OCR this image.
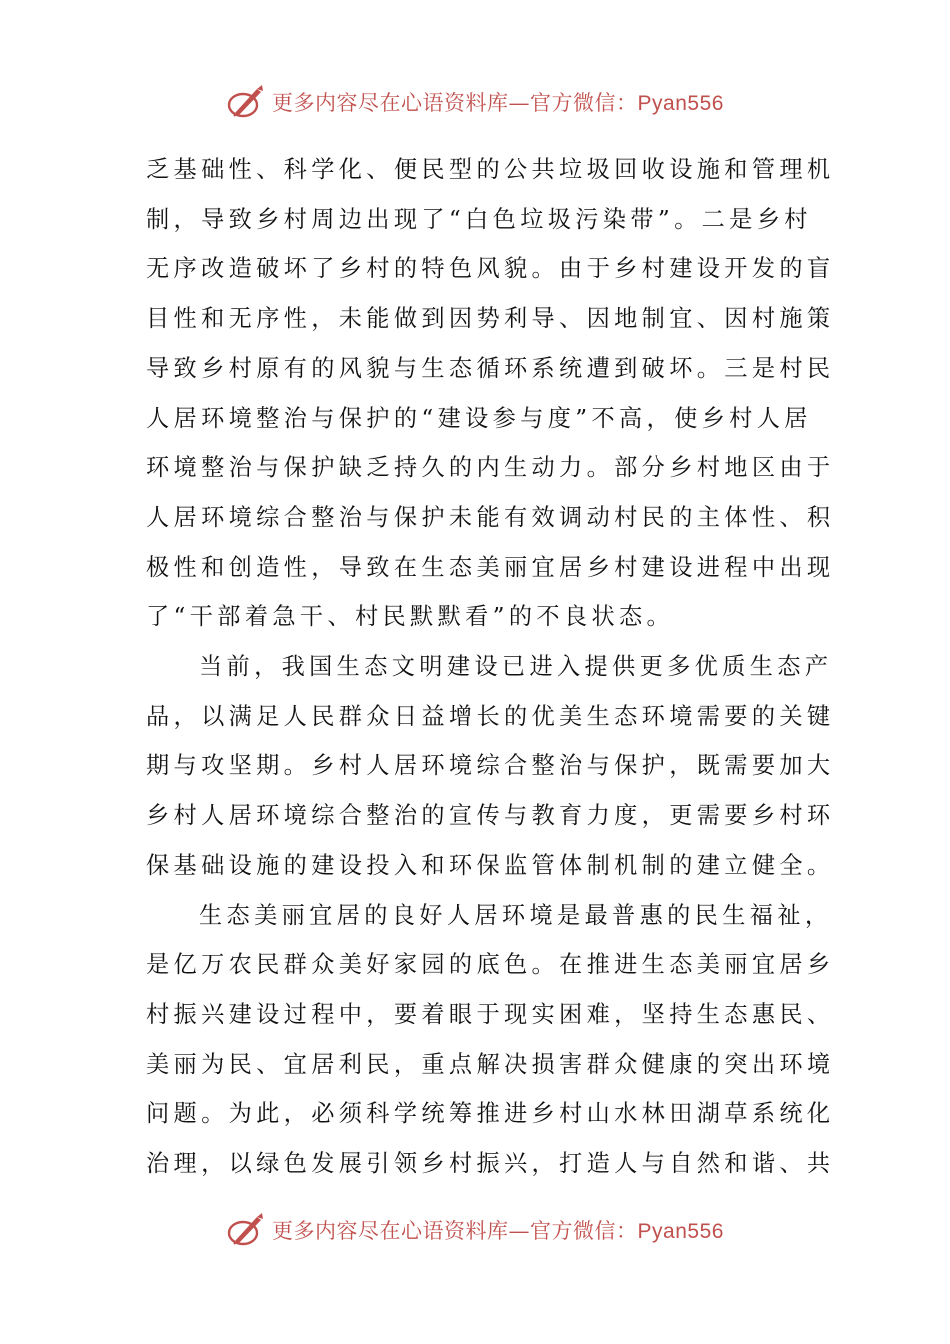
更多内容尽在心语资料库—官方微信：Pyan556

乏基础性、科学化、便民型的公共垃圾回收设施和管理机
制，导致乡村周边出现了“白色垃圾污染带”。二是乡村
无序改造破坏了乡村的特色风貌。由于乡村建设开发的盲
目性和无序性，未能做到因势利导、因地制宜、因村施策
导致乡村原有的风貌与生态循环系统遭到破坏。三是村民
人居环境整治与保护的“建设参与度”不高，使乡村人居
环境整治与保护缺乏持久的内生动力。部分乡村地区由于
人居环境综合整治与保护未能有效调动村民的主体性、积
极性和创造性，导致在生态美丽宜居乡村建设进程中出现
了“干部着急干、村民默默看”的不良状态。

当前，我国生态文明建设已进入提供更多优质生态产
品，以满足人民群众日益增长的优美生态环境需要的关键
期与攻坚期。乡村人居环境综合整治与保护，既需要加大
乡村人居环境综合整治的宣传与教育力度，更需要乡村环
保基础设施的建设投入和环保监管体制机制的建立健全。

生态美丽宜居的良好人居环境是最普惠的民生福祉，
是亿万农民群众美好家园的底色。在推进生态美丽宜居乡
村振兴建设过程中，要着眼于现实困难，坚持生态惠民、
美丽为民、宜居利民，重点解决损害群众健康的突出环境
问题。为此，必须科学统筹推进乡村山水林田湖草系统化
治理，以绿色发展引领乡村振兴，打造人与自然和谐、共

更多内容尽在心语资料库—官方微信：Pyan556
